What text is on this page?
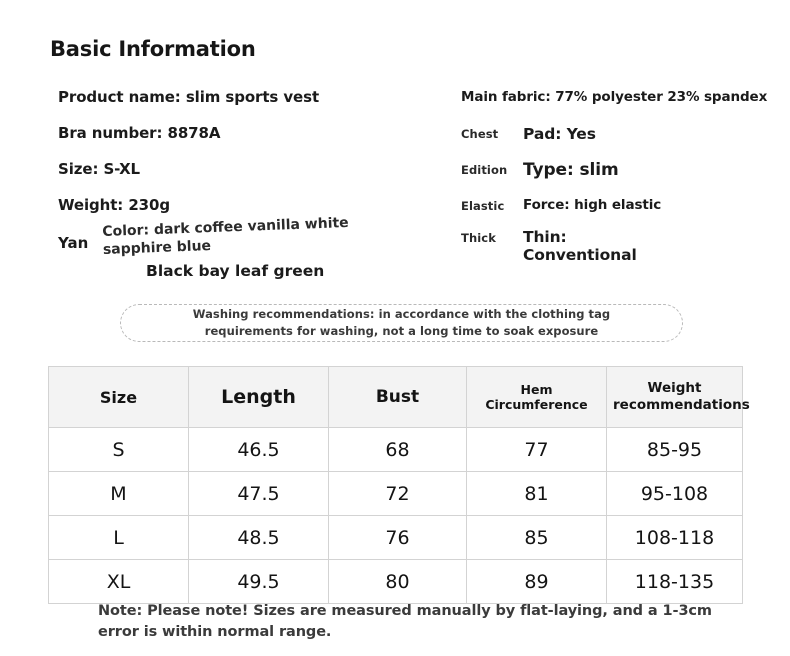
Basic Information
Product name: slim sports vest
Bra number: 8878A
Size: S-XL
Weight: 230g
Yan
Color: dark coffee vanilla white sapphire blue
Black bay leaf green
Main fabric: 77% polyester 23% spandex
Chest	Pad: Yes
Edition Type: slim
Elastic	Force: high elastic
Thick	Thin: Conventional
Washing recommendations: in accordance with the clothing tag requirements for washing, not a long time to soak exposure
Size	Length	Bust	Hem Circumference	Weight recommendations
S	46.5	68	77	85-95
M	47.5	72	81	95-108
L	48.5	76	85	108-118
XL	49.5	80	89	118-135
Note: Please note! Sizes are measured manually by flat-laying, and a 1-3cm error is within normal range.
